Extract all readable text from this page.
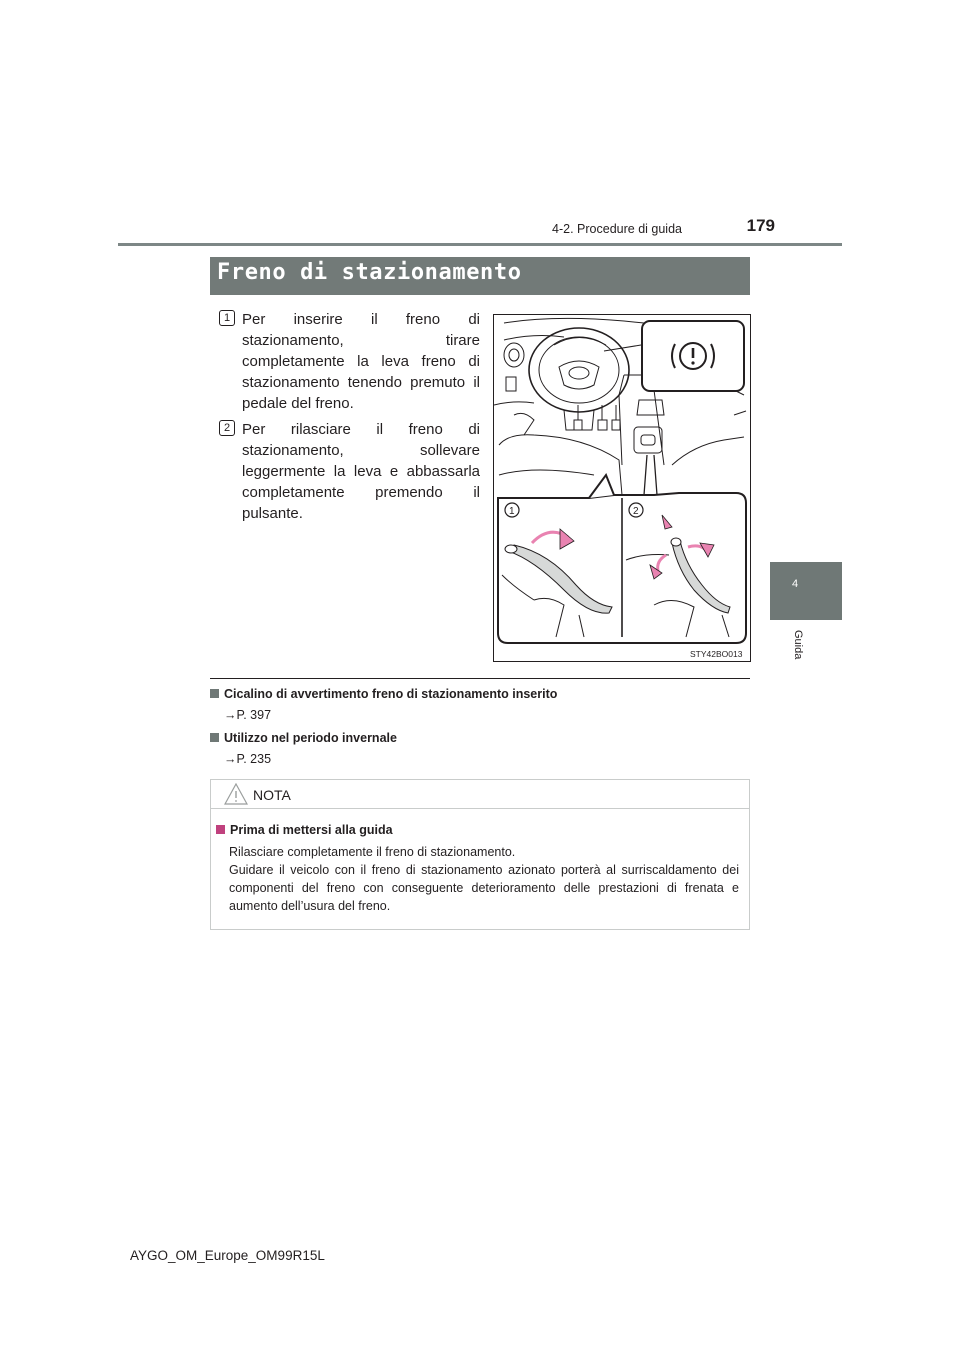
179
4-2. Procedure di guida
4
Guida
Freno di stazionamento
1 Per inserire il freno di stazionamento, tirare completamente la leva freno di stazionamento tenendo premuto il pedale del freno.
2 Per rilasciare il freno di stazionamento, sollevare leggermente la leva e abbassarla completamente premendo il pulsante.	1	2
STY42BO013
Cicalino di avvertimento freno di stazionamento inserito
→P. 397
Utilizzo nel periodo invernale
→P. 235
NOTA
Prima di mettersi alla guida
Rilasciare completamente il freno di stazionamento.
Guidare il veicolo con il freno di stazionamento azionato porterà al surriscaldamento dei componenti del freno con conseguente deterioramento delle prestazioni di frenata e aumento dell’usura del freno.
AYGO_OM_Europe_OM99R15L
